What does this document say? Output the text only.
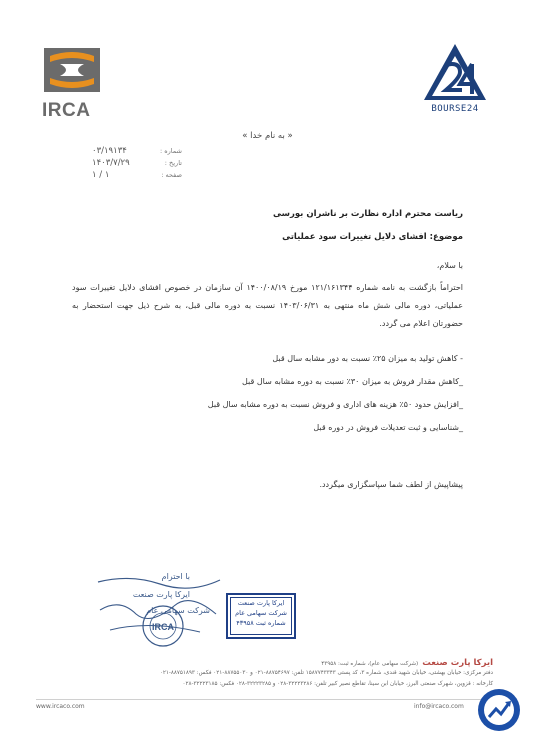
IRCA	BOURSE24
« به نام خدا »
شماره :
۰۳/۱۹۱۳۴
تاریخ :
۱۴۰۳/۷/۲۹
صفحه :
۱ / ۱
ریاست محترم اداره نظارت بر ناشران بورسی
موضوع: افشای دلایل تغییرات سود عملیاتی
با سلام،
احتراماً بازگشت به نامه شماره ۱۲۱/۱۶۱۳۴۴ مورخ ۱۴۰۰/۰۸/۱۹ آن سازمان در خصوص افشای دلایل تغییرات سود عملیاتی، دوره مالی شش ماه منتهی به ۱۴۰۳/۰۶/۳۱ نسبت به دوره مالی قبل، به شرح ذیل جهت استحضار به حضورتان اعلام می گردد.
- کاهش تولید به میزان ۲۵٪ نسبت به دور مشابه سال قبل
_کاهش مقدار فروش به میزان ۳۰٪ نسبت به دوره مشابه سال قبل
_افزایش حدود ۵۰٪ هزینه های اداری و فروش نسبت به دوره مشابه سال قبل
_شناسایی و ثبت تعدیلات فروش در دوره قبل
پیشاپیش از لطف شما سپاسگزاری میگردد.
با احترام
ایرکا پارت صنعت
شرکت سهامی عام
IRCA
ایرکا پارت صنعت
شرکت سهامی عام
شماره ثبت ۴۳۹۵۸
ایرکا پارت صنعت
(شرکت سهامی عام)، شماره ثبت: ۴۳۹۵۸
دفتر مرکزی: خیابان بهشتی، خیابان شهید قندی، شماره ۳، کد پستی ۱۵۸۷۷۴۳۳۴۳ تلفن: ۸۸۷۵۴۶۹۷-۰۲۱ و ۸۸۷۵۵۰۳۰-۰۲۱ فکس: ۸۸۷۵۱۸۹۳-۰۲۱
کارخانه : قزوین، شهرک صنعتی البرز، خیابان ابن سینا، تقاطع نصیر کبیر تلفن: ۳۲۲۲۳۲۸۶-۰۲۸ و ۳۲۲۲۳۲۸۵-۰۲۸ فکس: ۳۲۲۲۳۱۸۵-۰۲۸
www.ircaco.com	info@ircaco.com
